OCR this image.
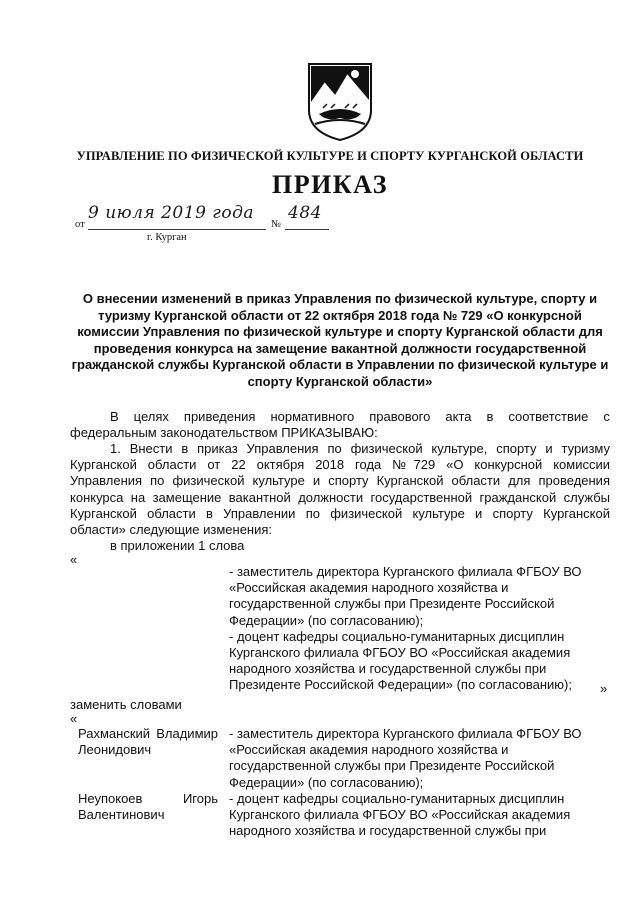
УПРАВЛЕНИЕ ПО ФИЗИЧЕСКОЙ КУЛЬТУРЕ И СПОРТУ КУРГАНСКОЙ ОБЛАСТИ
ПРИКАЗ
от
9 июля 2019 года
№
484
г. Курган
О внесении изменений в приказ Управления по физической культуре, спорту и
туризму Курганской области от 22 октября 2018 года № 729 «О конкурсной
комиссии Управления по физической культуре и спорту Курганской области для
проведения конкурса на замещение вакантной должности государственной
гражданской службы Курганской области в Управлении по физической культуре и
спорту Курганской области»
В целях приведения нормативного правового акта в соответствие с
федеральным законодательством ПРИКАЗЫВАЮ:
1. Внести в приказ Управления по физической культуре, спорту и туризму
Курганской области от 22 октября 2018 года №729 «О конкурсной комиссии
Управления по физической культуре и спорту Курганской области для проведения
конкурса на замещение вакантной должности государственной гражданской службы
Курганской области в Управлении по физической культуре и спорту Курганской
области» следующие изменения:
в приложении 1 слова
«
- заместитель директора Курганского филиала ФГБОУ ВО
«Российская академия народного хозяйства и
государственной службы при Президенте Российской
Федерации» (по согласованию);
- доцент кафедры социально-гуманитарных дисциплин
Курганского филиала ФГБОУ ВО «Российская академия
народного хозяйства и государственной службы при
Президенте Российской Федерации» (по согласованию);	»
заменить словами
«
Рахманский Владимир
Леонидович
- заместитель директора Курганского филиала ФГБОУ ВО
«Российская академия народного хозяйства и
государственной службы при Президенте Российской
Федерации» (по согласованию);
Неупокоев	Игорь
Валентинович
- доцент кафедры социально-гуманитарных дисциплин
Курганского филиала ФГБОУ ВО «Российская академия
народного хозяйства и государственной службы при
